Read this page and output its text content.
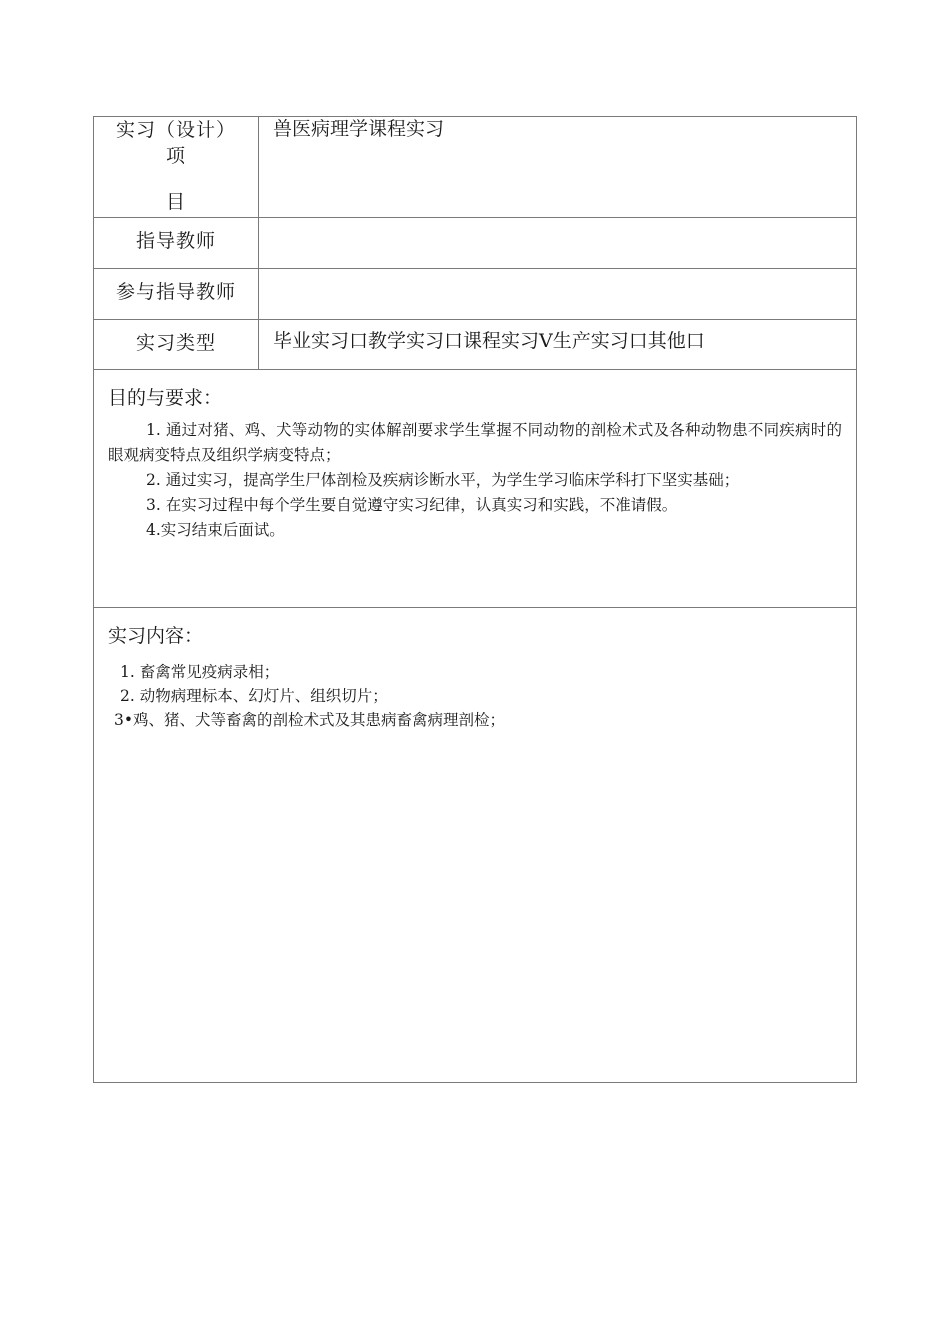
实习（设计）
项
目	兽医病理学课程实习
指导教师	
参与指导教师	
实习类型	毕业实习口教学实习口课程实习Ⅴ生产实习口其他口

目的与要求：

1. 通过对猪、鸡、犬等动物的实体解剖要求学生掌握不同动物的剖检术式及各种动物患不同疾病时的眼观病变特点及组织学病变特点；

2. 通过实习，提高学生尸体剖检及疾病诊断水平，为学生学习临床学科打下坚实基础；

3. 在实习过程中每个学生要自觉遵守实习纪律，认真实习和实践，不准请假。

4.实习结束后面试。	

实习内容：

1. 畜禽常见疫病录相；

2. 动物病理标本、幻灯片、组织切片；

3•鸡、猪、犬等畜禽的剖检术式及其患病畜禽病理剖检；	
